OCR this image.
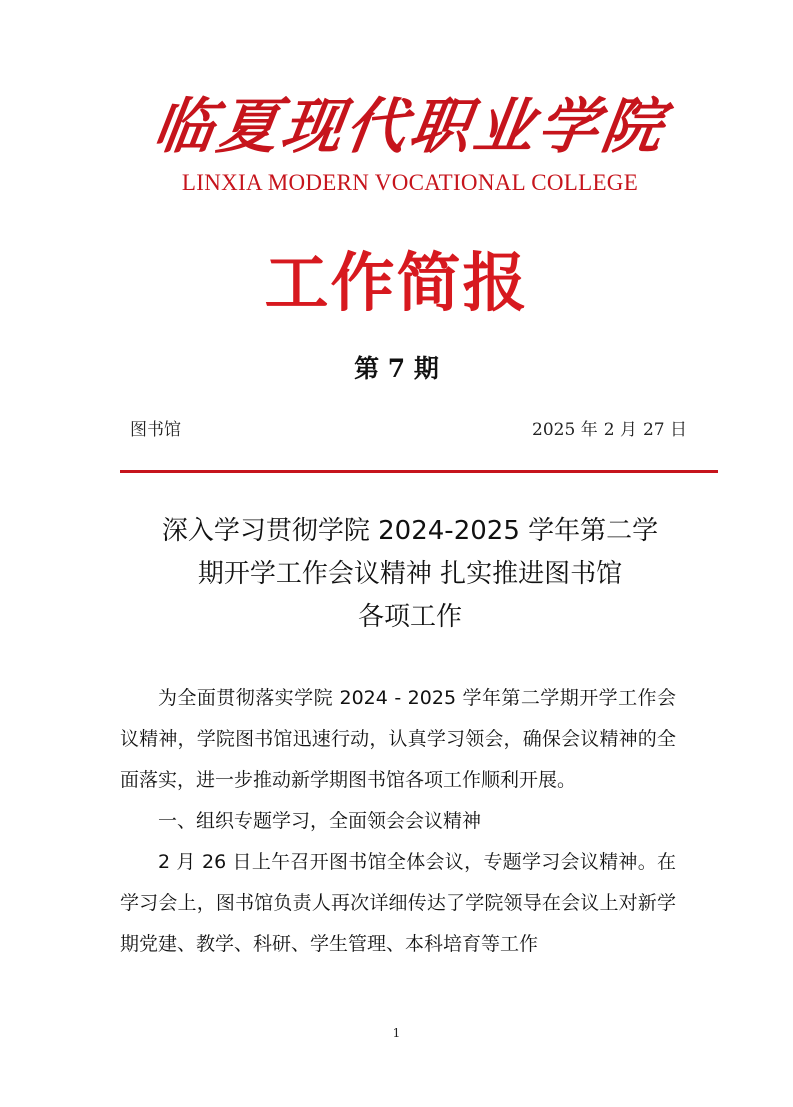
临夏现代职业学院
LINXIA MODERN VOCATIONAL COLLEGE
工作简报
第 7 期
图书馆	2025 年 2 月 27 日
深入学习贯彻学院 2024-2025 学年第二学
期开学工作会议精神 扎实推进图书馆
各项工作

为全面贯彻落实学院 2024 - 2025 学年第二学期开学工作会议精神，学院图书馆迅速行动，认真学习领会，确保会议精神的全面落实，进一步推动新学期图书馆各项工作顺利开展。

一、组织专题学习，全面领会会议精神

2 月 26 日上午召开图书馆全体会议，专题学习会议精神。在学习会上，图书馆负责人再次详细传达了学院领导在会议上对新学期党建、教学、科研、学生管理、本科培育等工作

1
